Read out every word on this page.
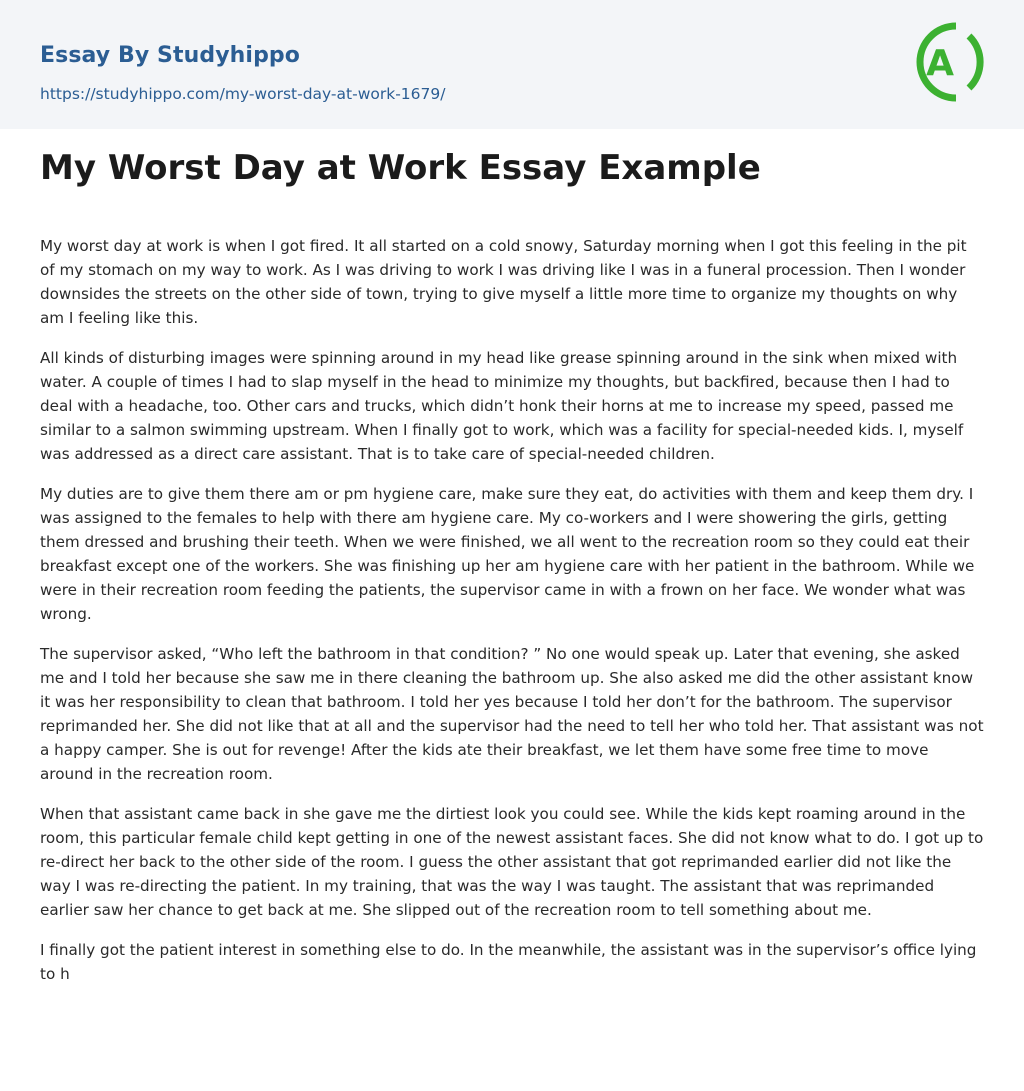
Essay By Studyhippo
https://studyhippo.com/my-worst-day-at-work-1679/
A
My Worst Day at Work Essay Example

My worst day at work is when I got fired. It all started on a cold snowy, Saturday morning when I got this feeling in the pit of my stomach on my way to work. As I was driving to work I was driving like I was in a funeral procession. Then I wonder downsides the streets on the other side of town, trying to give myself a little more time to organize my thoughts on why am I feeling like this.

All kinds of disturbing images were spinning around in my head like grease spinning around in the sink when mixed with water. A couple of times I had to slap myself in the head to minimize my thoughts, but backfired, because then I had to deal with a headache, too. Other cars and trucks, which didn’t honk their horns at me to increase my speed, passed me similar to a salmon swimming upstream. When I finally got to work, which was a facility for special-needed kids. I, myself was addressed as a direct care assistant. That is to take care of special-needed children.

My duties are to give them there am or pm hygiene care, make sure they eat, do activities with them and keep them dry. I was assigned to the females to help with there am hygiene care. My co-workers and I were showering the girls, getting them dressed and brushing their teeth. When we were finished, we all went to the recreation room so they could eat their breakfast except one of the workers. She was finishing up her am hygiene care with her patient in the bathroom. While we were in their recreation room feeding the patients, the supervisor came in with a frown on her face. We wonder what was wrong.

The supervisor asked, “Who left the bathroom in that condition? ” No one would speak up. Later that evening, she asked me and I told her because she saw me in there cleaning the bathroom up. She also asked me did the other assistant know it was her responsibility to clean that bathroom. I told her yes because I told her don’t for the bathroom. The supervisor reprimanded her. She did not like that at all and the supervisor had the need to tell her who told her. That assistant was not a happy camper. She is out for revenge! After the kids ate their breakfast, we let them have some free time to move around in the recreation room.

When that assistant came back in she gave me the dirtiest look you could see. While the kids kept roaming around in the room, this particular female child kept getting in one of the newest assistant faces. She did not know what to do. I got up to re-direct her back to the other side of the room. I guess the other assistant that got reprimanded earlier did not like the way I was re-directing the patient. In my training, that was the way I was taught. The assistant that was reprimanded earlier saw her chance to get back at me. She slipped out of the recreation room to tell something about me.

I finally got the patient interest in something else to do. In the meanwhile, the assistant was in the supervisor’s office lying to h
